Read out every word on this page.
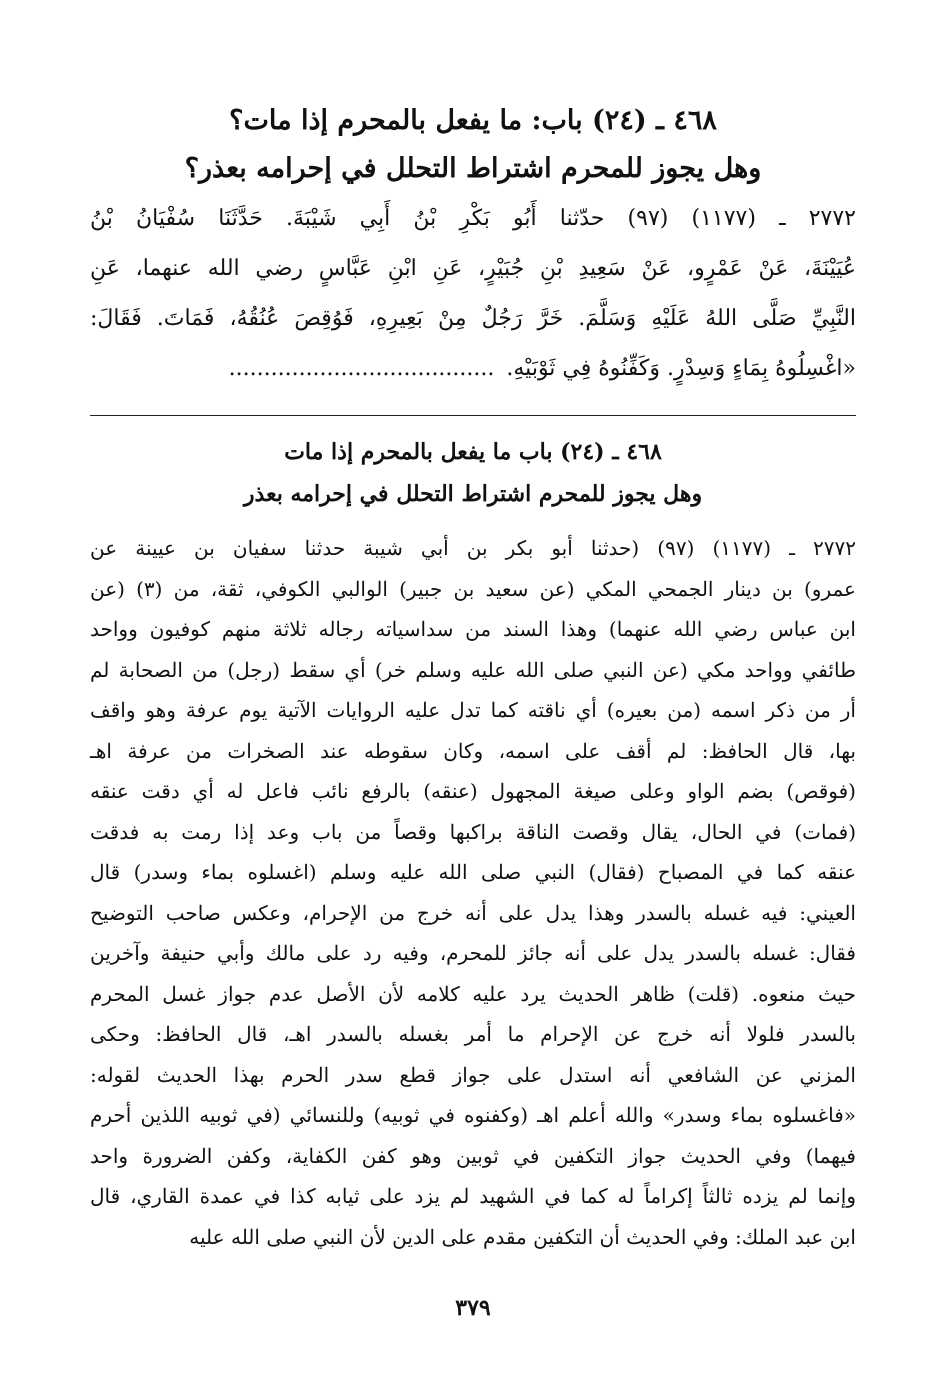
٤٦٨ ـ (٢٤) باب: ما يفعل بالمحرم إذا مات؟
وهل يجوز للمحرم اشتراط التحلل في إحرامه بعذر؟
٢٧٧٢ ـ (١١٧٧) (٩٧) حدّثنا أَبُو بَكْرِ بْنُ أَبِي شَيْبَةَ. حَدَّثَنَا سُفْيَانُ بْنُ
عُيَيْنَةَ، عَنْ عَمْرٍو، عَنْ سَعِيدِ بْنِ جُبَيْرٍ، عَنِ ابْنِ عَبَّاسٍ رضي الله عنهما، عَنِ
النَّبِيِّ صَلَّى اللهُ عَلَيْهِ وَسَلَّمَ. خَرَّ رَجُلٌ مِنْ بَعِيرِهِ، فَوُقِصَ عُنُقُهُ، فَمَاتَ. فَقَالَ:
«اغْسِلُوهُ بِمَاءٍ وَسِدْرٍ. وَكَفِّنُوهُ فِي ثَوْبَيْهِ.......................................
٤٦٨ ـ (٢٤) باب ما يفعل بالمحرم إذا مات
وهل يجوز للمحرم اشتراط التحلل في إحرامه بعذر
٢٧٧٢ ـ (١١٧٧) (٩٧) (حدثنا أبو بكر بن أبي شيبة حدثنا سفيان بن عيينة عن
عمرو) بن دينار الجمحي المكي (عن سعيد بن جبير) الوالبي الكوفي، ثقة، من (٣) (عن
ابن عباس رضي الله عنهما) وهذا السند من سداسياته رجاله ثلاثة منهم كوفيون وواحد
طائفي وواحد مكي (عن النبي صلى الله عليه وسلم خر) أي سقط (رجل) من الصحابة لم
أر من ذكر اسمه (من بعيره) أي ناقته كما تدل عليه الروايات الآتية يوم عرفة وهو واقف
بها، قال الحافظ: لم أقف على اسمه، وكان سقوطه عند الصخرات من عرفة اهـ
(فوقص) بضم الواو وعلى صيغة المجهول (عنقه) بالرفع نائب فاعل له أي دقت عنقه
(فمات) في الحال، يقال وقصت الناقة براكبها وقصاً من باب وعد إذا رمت به فدقت
عنقه كما في المصباح (فقال) النبي صلى الله عليه وسلم (اغسلوه بماء وسدر) قال
العيني: فيه غسله بالسدر وهذا يدل على أنه خرج من الإحرام، وعكس صاحب التوضيح
فقال: غسله بالسدر يدل على أنه جائز للمحرم، وفيه رد على مالك وأبي حنيفة وآخرين
حيث منعوه. (قلت) ظاهر الحديث يرد عليه كلامه لأن الأصل عدم جواز غسل المحرم
بالسدر فلولا أنه خرج عن الإحرام ما أمر بغسله بالسدر اهـ، قال الحافظ: وحكى
المزني عن الشافعي أنه استدل على جواز قطع سدر الحرم بهذا الحديث لقوله:
«فاغسلوه بماء وسدر» والله أعلم اهـ (وكفنوه في ثوبيه) وللنسائي (في ثوبيه اللذين أحرم
فيهما) وفي الحديث جواز التكفين في ثوبين وهو كفن الكفاية، وكفن الضرورة واحد
وإنما لم يزده ثالثاً إكراماً له كما في الشهيد لم يزد على ثيابه كذا في عمدة القاري، قال
ابن عبد الملك: وفي الحديث أن التكفين مقدم على الدين لأن النبي صلى الله عليه
٣٧٩
